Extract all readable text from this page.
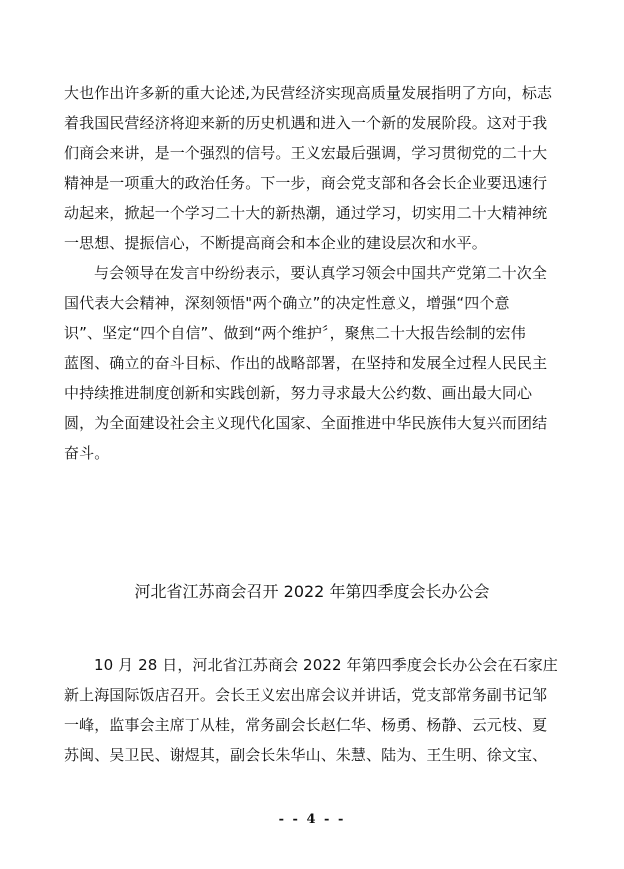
大也作出许多新的重大论述,为民营经济实现高质量发展指明了方向，标志
着我国民营经济将迎来新的历史机遇和进入一个新的发展阶段。这对于我
们商会来讲，是一个强烈的信号。王义宏最后强调，学习贯彻党的二十大
精神是一项重大的政治任务。下一步，商会党支部和各会长企业要迅速行
动起来，掀起一个学习二十大的新热潮，通过学习，切实用二十大精神统
一思想、提振信心，不断提高商会和本企业的建设层次和水平。
与会领导在发言中纷纷表示，要认真学习领会中国共产党第二十次全
国代表大会精神，深刻领悟"两个确立”的决定性意义，增强“四个意
识”、坚定“四个自信”、做到“两个维护〞，聚焦二十大报告绘制的宏伟
蓝图、确立的奋斗目标、作出的战略部署，在坚持和发展全过程人民民主
中持续推进制度创新和实践创新，努力寻求最大公约数、画出最大同心
圆，为全面建设社会主义现代化国家、全面推进中华民族伟大复兴而团结
奋斗。
河北省江苏商会召开 2022 年第四季度会长办公会
10 月 28 日，河北省江苏商会 2022 年第四季度会长办公会在石家庄
新上海国际饭店召开。会长王义宏出席会议并讲话，党支部常务副书记邹
一峰，监事会主席丁从桂，常务副会长赵仁华、杨勇、杨静、云元枝、夏
苏闽、吴卫民、谢煜其，副会长朱华山、朱慧、陆为、王生明、徐文宝、
- - 4 - -
